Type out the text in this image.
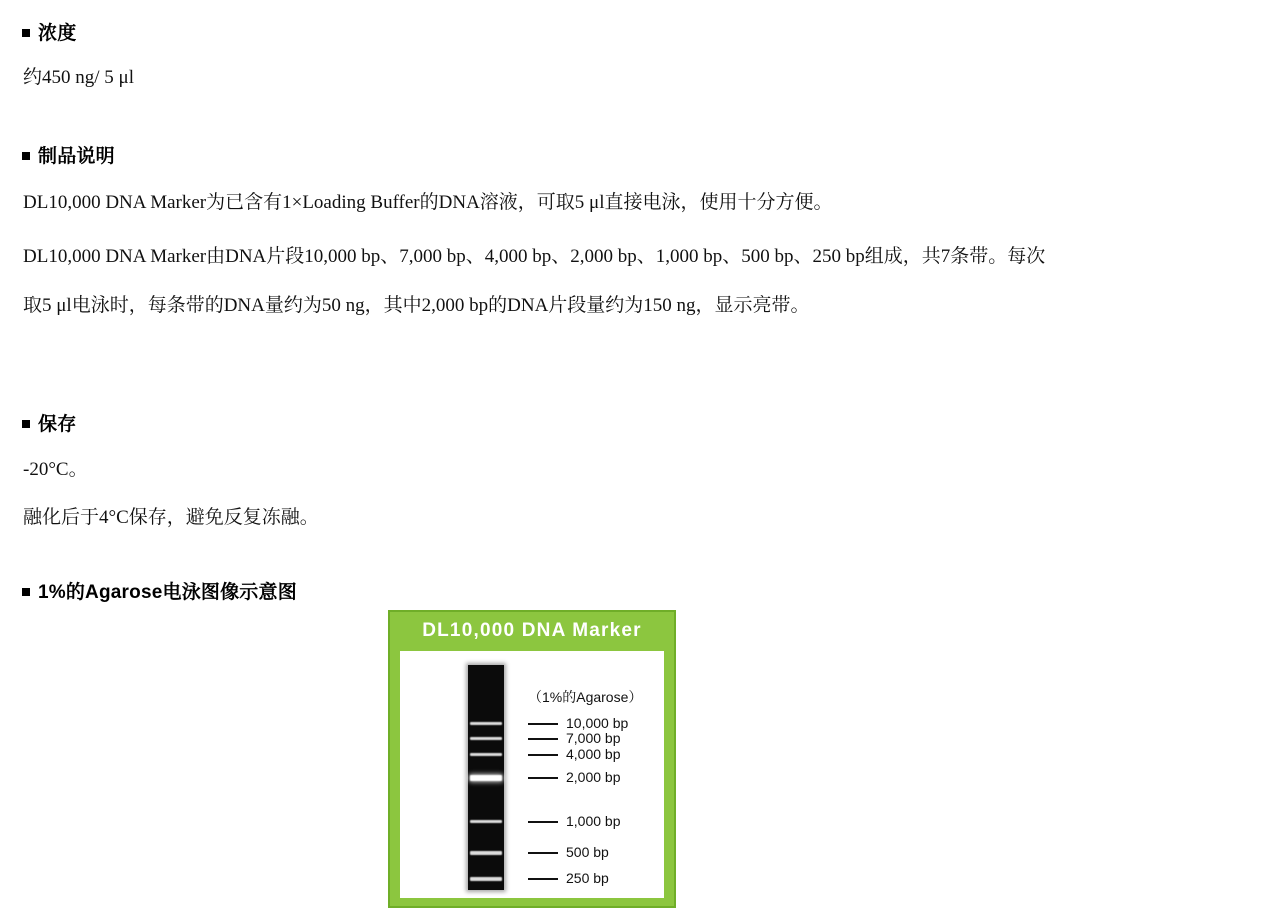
浓度

约450 ng/ 5 μl

制品说明

DL10,000 DNA Marker为已含有1×Loading Buffer的DNA溶液，可取5 μl直接电泳，使用十分方便。

DL10,000 DNA Marker由DNA片段10,000 bp、7,000 bp、4,000 bp、2,000 bp、1,000 bp、500 bp、250 bp组成，共7条带。每次取5 μl电泳时，每条带的DNA量约为50 ng，其中2,000 bp的DNA片段量约为150 ng，显示亮带。

保存

-20°C。

融化后于4°C保存，避免反复冻融。

1%的Agarose电泳图像示意图
DL10,000 DNA Marker
（1%的Agarose）
10,000 bp
7,000 bp
4,000 bp
2,000 bp
1,000 bp
500 bp
250 bp
